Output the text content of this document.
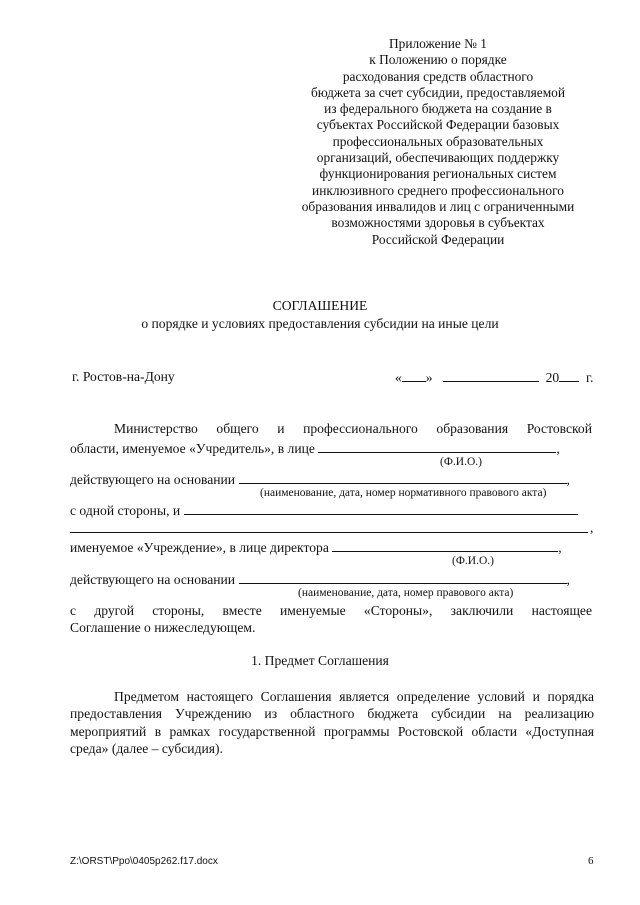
Приложение № 1
к Положению о порядке
расходования средств областного
бюджета за счет субсидии, предоставляемой
из федерального бюджета на создание в
субъектах Российской Федерации базовых
профессиональных образовательных
организаций, обеспечивающих поддержку
функционирования региональных систем
инклюзивного среднего профессионального
образования инвалидов и лиц с ограниченными
возможностями здоровья в субъектах
Российской Федерации
СОГЛАШЕНИЕ
о порядке и условиях предоставления субсидии на иные цели
г. Ростов-на-Дону	« »	20 г.
Министерство общего и профессионального образования Ростовской
области, именуемое «Учредитель», в лице	,
(Ф.И.О.)
действующего на основании	,
(наименование, дата, номер нормативного правового акта)
с одной стороны, и
,
именуемое «Учреждение», в лице директора	,
(Ф.И.О.)
действующего на основании	,
(наименование, дата, номер правового акта)
с другой стороны, вместе именуемые «Стороны», заключили настоящее
Соглашение о нижеследующем.
1. Предмет Соглашения
Предметом настоящего Соглашения является определение условий и порядка предоставления Учреждению из областного бюджета субсидии на реализацию мероприятий в рамках государственной программы Ростовской области «Доступная среда» (далее – субсидия).
Z:\ORST\Ppo\0405p262.f17.docx	6
